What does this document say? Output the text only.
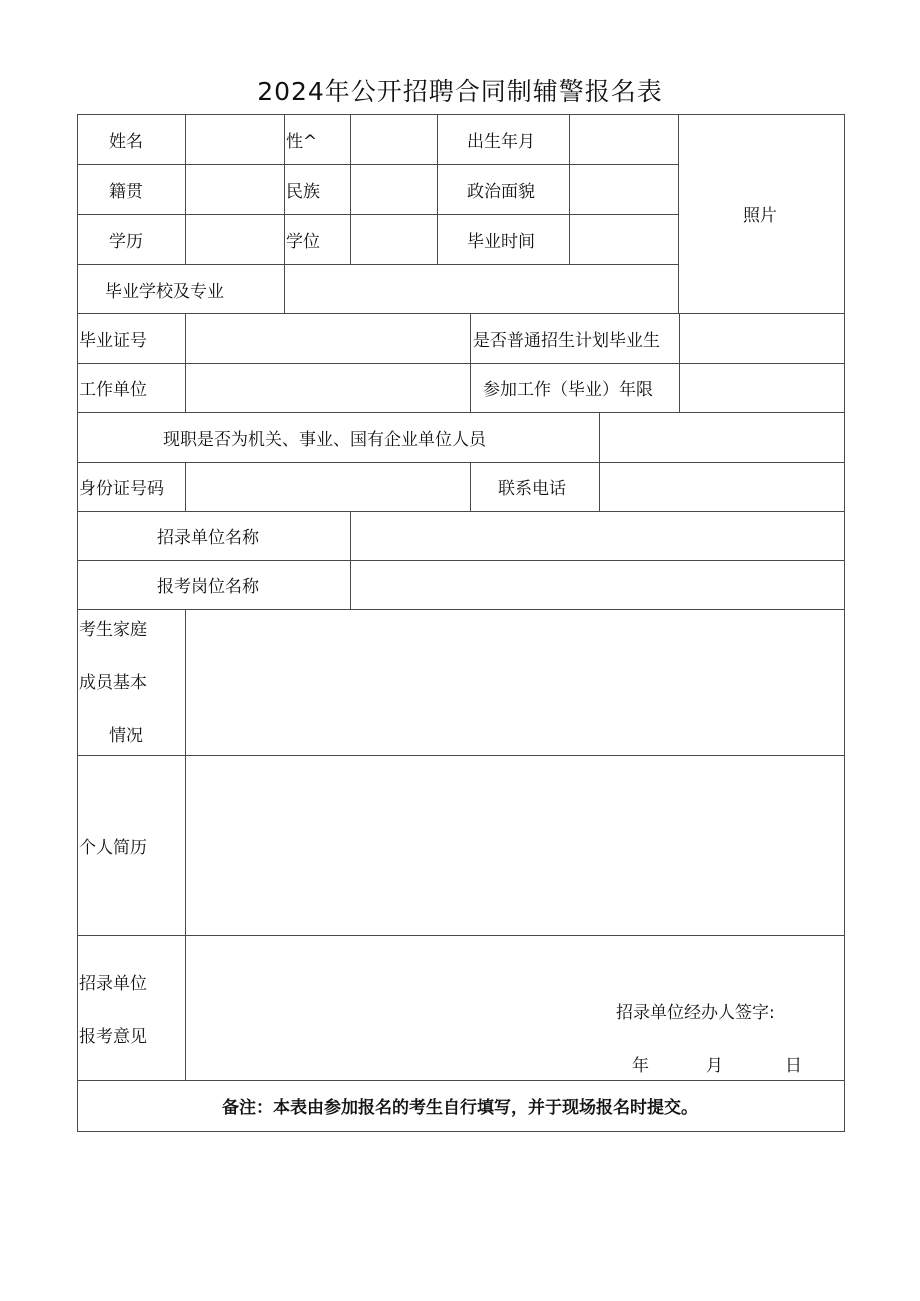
2024年公开招聘合同制辅警报名表
姓名	性^	出生年月
照片
籍贯	民族	政治面貌
学历	学位	毕业时间
毕业学校及专业
毕业证号	是否普通招生计划毕业生
工作单位	参加工作（毕业）年限
现职是否为机关、事业、国有企业单位人员
身份证号码	联系电话
招录单位名称
报考岗位名称
考生家庭
成员基本
情况
个人简历
招录单位
报考意见
招录单位经办人签字:
年	月	日
备注：本表由参加报名的考生自行填写，并于现场报名时提交。
